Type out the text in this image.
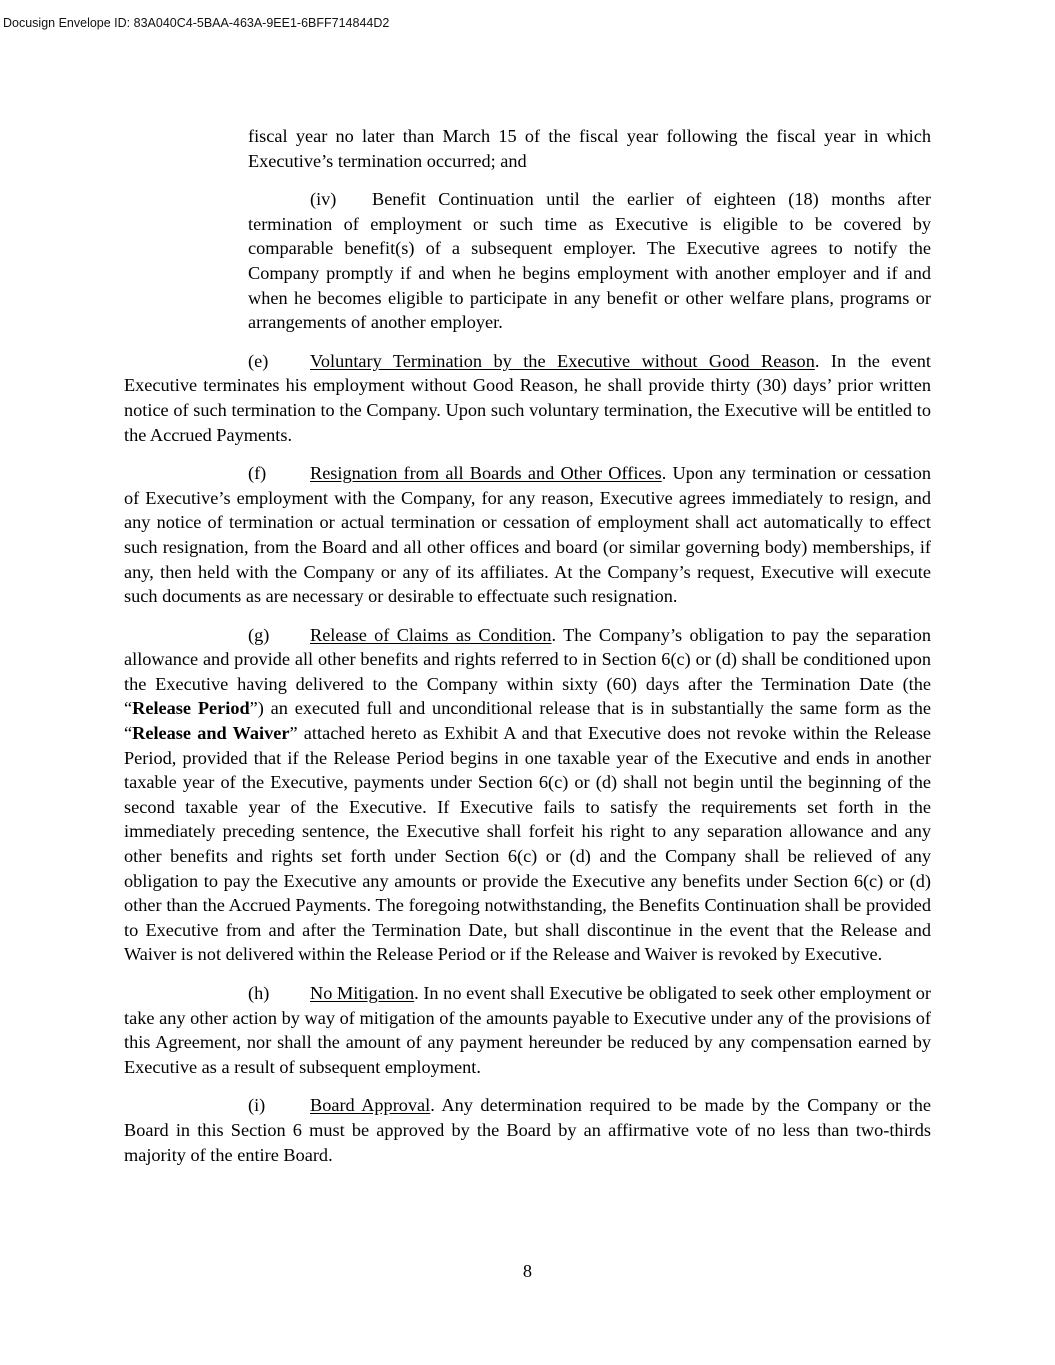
Docusign Envelope ID: 83A040C4-5BAA-463A-9EE1-6BFF714844D2

fiscal year no later than March 15 of the fiscal year following the fiscal year in which Executive’s termination occurred; and

(iv) Benefit Continuation until the earlier of eighteen (18) months after termination of employment or such time as Executive is eligible to be covered by comparable benefit(s) of a subsequent employer. The Executive agrees to notify the Company promptly if and when he begins employment with another employer and if and when he becomes eligible to participate in any benefit or other welfare plans, programs or arrangements of another employer.

(e) Voluntary Termination by the Executive without Good Reason. In the event Executive terminates his employment without Good Reason, he shall provide thirty (30) days’ prior written notice of such termination to the Company. Upon such voluntary termination, the Executive will be entitled to the Accrued Payments.

(f) Resignation from all Boards and Other Offices. Upon any termination or cessation of Executive’s employment with the Company, for any reason, Executive agrees immediately to resign, and any notice of termination or actual termination or cessation of employment shall act automatically to effect such resignation, from the Board and all other offices and board (or similar governing body) memberships, if any, then held with the Company or any of its affiliates. At the Company’s request, Executive will execute such documents as are necessary or desirable to effectuate such resignation.

(g) Release of Claims as Condition. The Company’s obligation to pay the separation allowance and provide all other benefits and rights referred to in Section 6(c) or (d) shall be conditioned upon the Executive having delivered to the Company within sixty (60) days after the Termination Date (the “Release Period”) an executed full and unconditional release that is in substantially the same form as the “Release and Waiver” attached hereto as Exhibit A and that Executive does not revoke within the Release Period, provided that if the Release Period begins in one taxable year of the Executive and ends in another taxable year of the Executive, payments under Section 6(c) or (d) shall not begin until the beginning of the second taxable year of the Executive. If Executive fails to satisfy the requirements set forth in the immediately preceding sentence, the Executive shall forfeit his right to any separation allowance and any other benefits and rights set forth under Section 6(c) or (d) and the Company shall be relieved of any obligation to pay the Executive any amounts or provide the Executive any benefits under Section 6(c) or (d) other than the Accrued Payments. The foregoing notwithstanding, the Benefits Continuation shall be provided to Executive from and after the Termination Date, but shall discontinue in the event that the Release and Waiver is not delivered within the Release Period or if the Release and Waiver is revoked by Executive.

(h) No Mitigation. In no event shall Executive be obligated to seek other employment or take any other action by way of mitigation of the amounts payable to Executive under any of the provisions of this Agreement, nor shall the amount of any payment hereunder be reduced by any compensation earned by Executive as a result of subsequent employment.

(i) Board Approval. Any determination required to be made by the Company or the Board in this Section 6 must be approved by the Board by an affirmative vote of no less than two-thirds majority of the entire Board.

8
